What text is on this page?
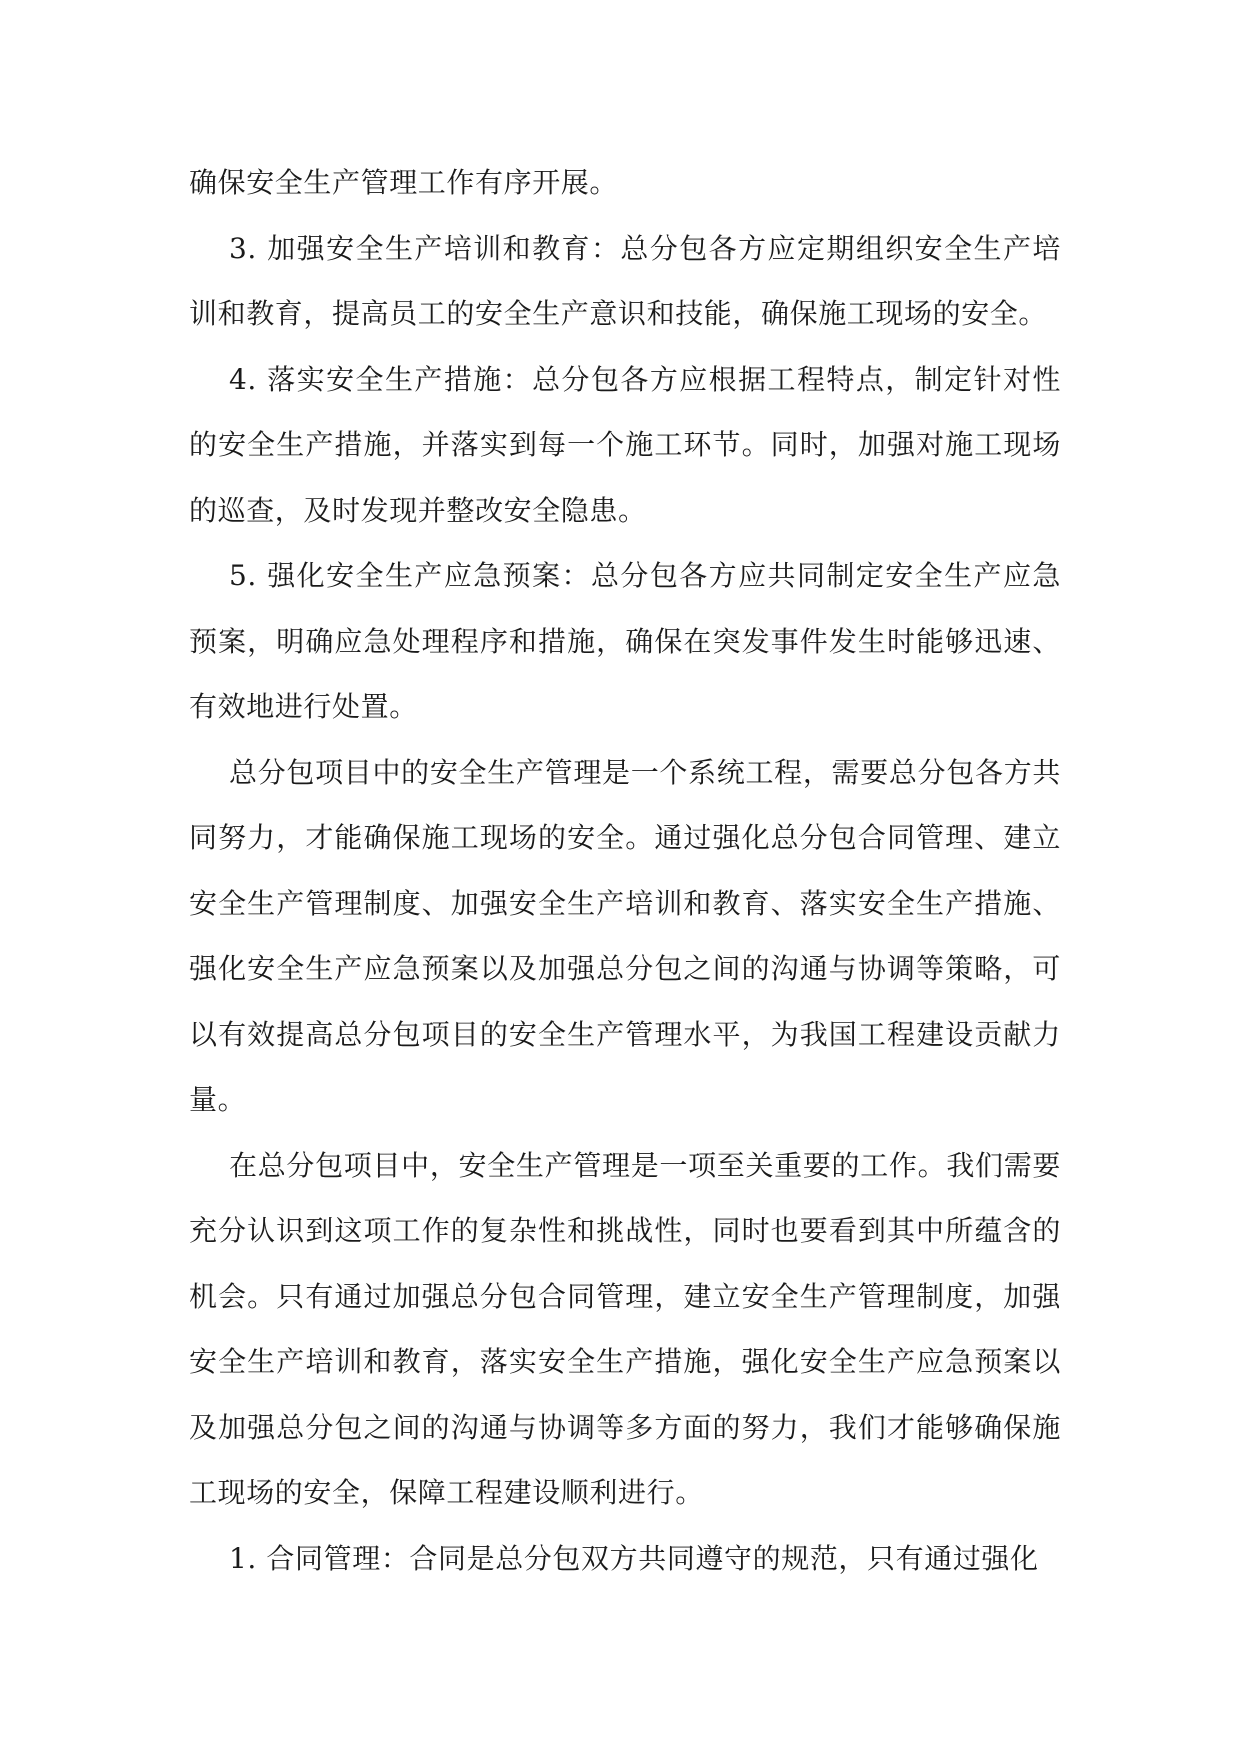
确保安全生产管理工作有序开展。

3. 加强安全生产培训和教育：总分包各方应定期组织安全生产培训和教育，提高员工的安全生产意识和技能，确保施工现场的安全。

4. 落实安全生产措施：总分包各方应根据工程特点，制定针对性的安全生产措施，并落实到每一个施工环节。同时，加强对施工现场的巡查，及时发现并整改安全隐患。

5. 强化安全生产应急预案：总分包各方应共同制定安全生产应急预案，明确应急处理程序和措施，确保在突发事件发生时能够迅速、有效地进行处置。

总分包项目中的安全生产管理是一个系统工程，需要总分包各方共同努力，才能确保施工现场的安全。通过强化总分包合同管理、建立安全生产管理制度、加强安全生产培训和教育、落实安全生产措施、强化安全生产应急预案以及加强总分包之间的沟通与协调等策略，可以有效提高总分包项目的安全生产管理水平，为我国工程建设贡献力量。

在总分包项目中，安全生产管理是一项至关重要的工作。我们需要充分认识到这项工作的复杂性和挑战性，同时也要看到其中所蕴含的机会。只有通过加强总分包合同管理，建立安全生产管理制度，加强安全生产培训和教育，落实安全生产措施，强化安全生产应急预案以及加强总分包之间的沟通与协调等多方面的努力，我们才能够确保施工现场的安全，保障工程建设顺利进行。

1. 合同管理：合同是总分包双方共同遵守的规范，只有通过强化
